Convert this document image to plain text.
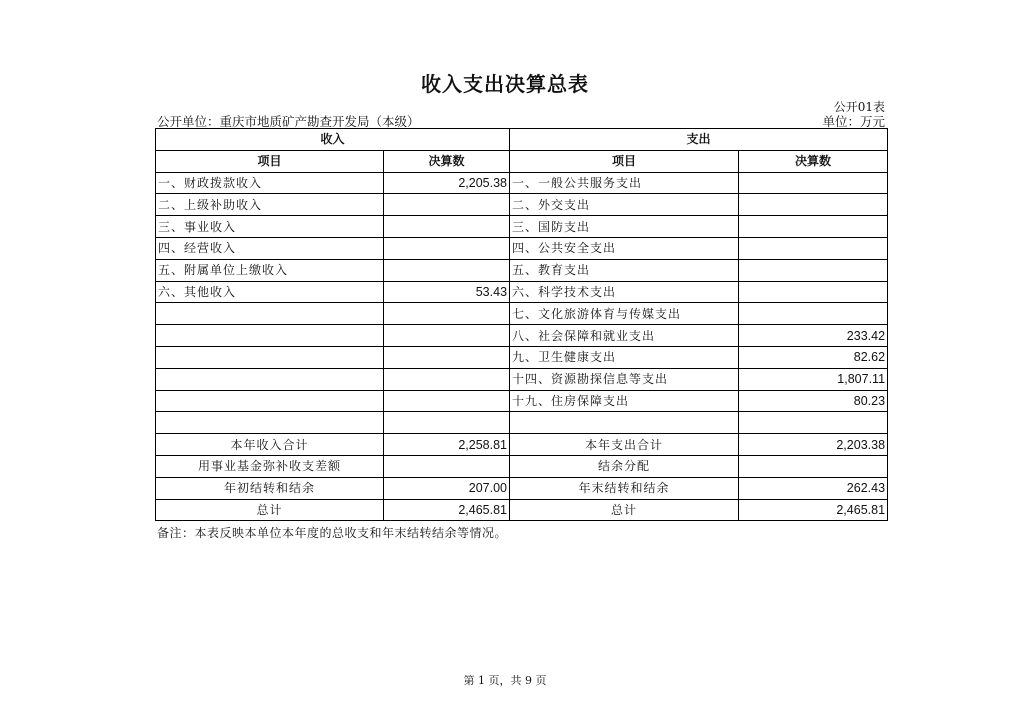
收入支出决算总表
公开01表
公开单位：重庆市地质矿产勘查开发局（本级）	单位：万元
收入		支出	
项目	决算数	项目	决算数
一、财政拨款收入	2,205.38	一、一般公共服务支出	
二、上级补助收入		二、外交支出	
三、事业收入		三、国防支出	
四、经营收入		四、公共安全支出	
五、附属单位上缴收入		五、教育支出	
六、其他收入	53.43	六、科学技术支出	
		七、文化旅游体育与传媒支出	
		八、社会保障和就业支出	233.42
		九、卫生健康支出	82.62
		十四、资源勘探信息等支出	1,807.11
		十九、住房保障支出	80.23

本年收入合计	2,258.81	本年支出合计	2,203.38
用事业基金弥补收支差额		结余分配	
年初结转和结余	207.00	年末结转和结余	262.43
总计	2,465.81	总计	2,465.81
备注：本表反映本单位本年度的总收支和年末结转结余等情况。
第 1 页，共 9 页
